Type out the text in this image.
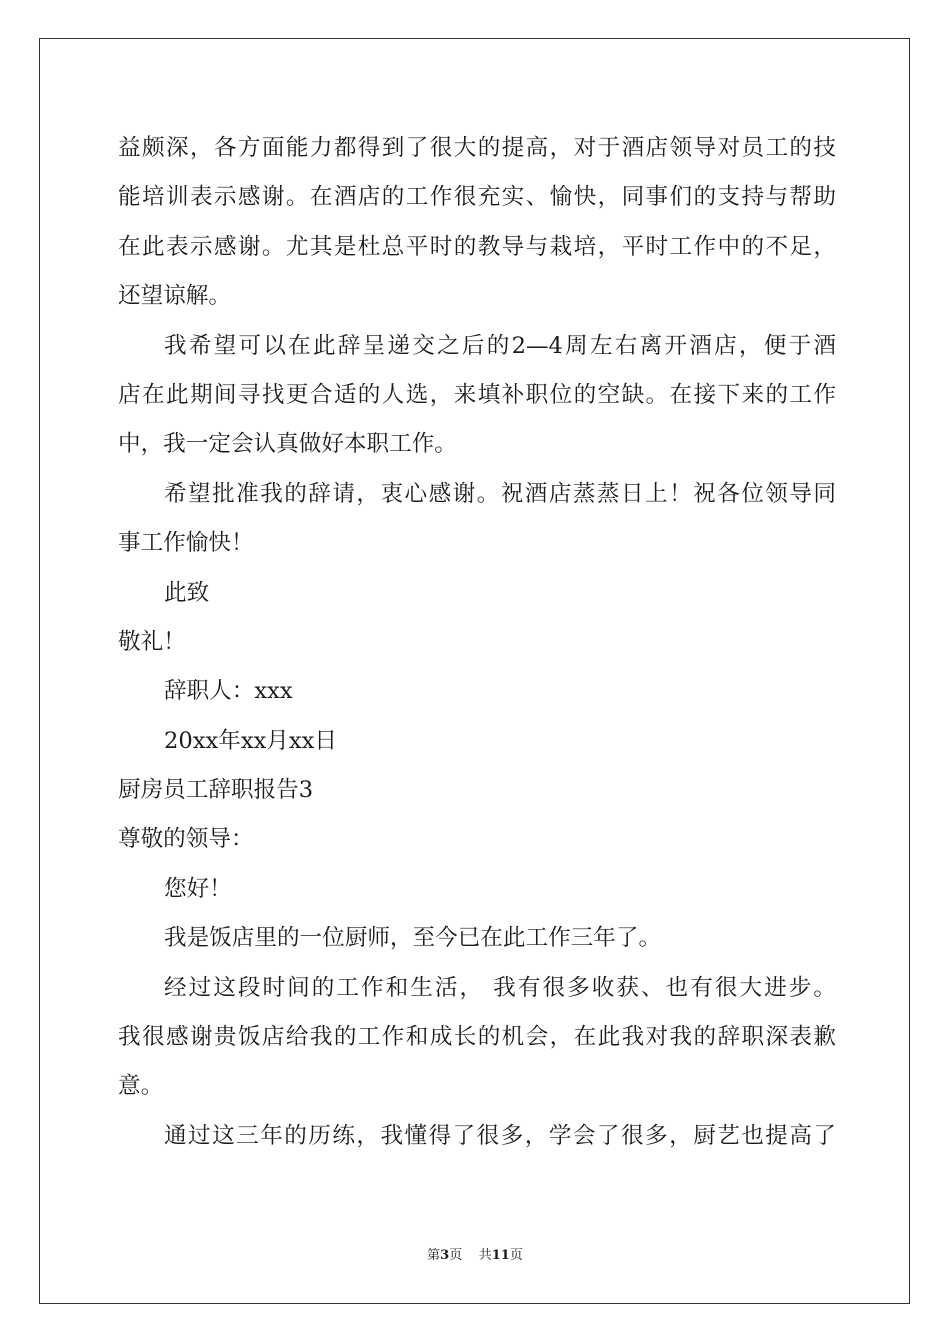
益颇深，各方面能力都得到了很大的提高，对于酒店领导对员工的技
能培训表示感谢。在酒店的工作很充实、愉快，同事们的支持与帮助
在此表示感谢。尤其是杜总平时的教导与栽培，平时工作中的不足，
还望谅解。
我希望可以在此辞呈递交之后的2—4周左右离开酒店，便于酒
店在此期间寻找更合适的人选，来填补职位的空缺。在接下来的工作
中，我一定会认真做好本职工作。
希望批准我的辞请，衷心感谢。祝酒店蒸蒸日上！祝各位领导同
事工作愉快！
此致
敬礼！
辞职人：xxx
20xx年xx月xx日
厨房员工辞职报告3
尊敬的领导：
您好！
我是饭店里的一位厨师，至今已在此工作三年了。
经过这段时间的工作和生活， 我有很多收获、也有很大进步。
我很感谢贵饭店给我的工作和成长的机会，在此我对我的辞职深表歉
意。
通过这三年的历练，我懂得了很多，学会了很多，厨艺也提高了
第3页 共11页
